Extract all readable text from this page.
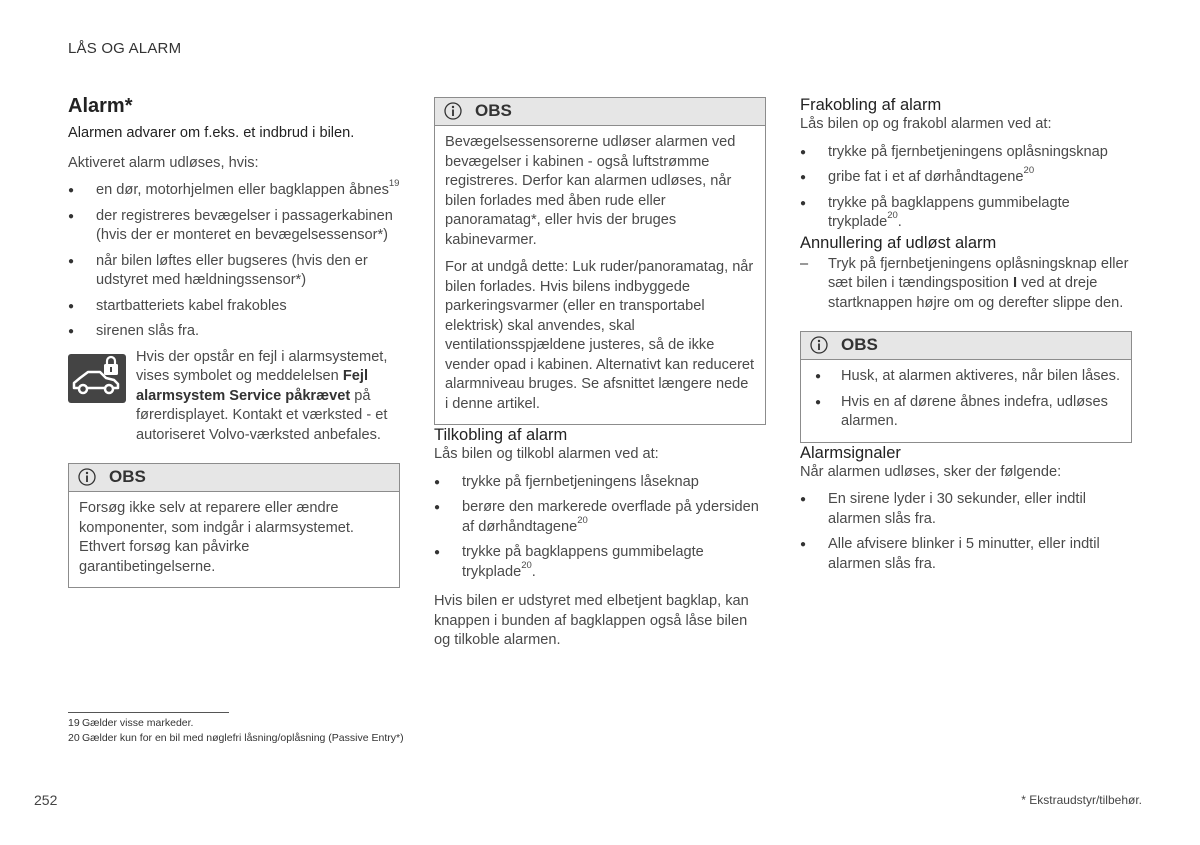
LÅS OG ALARM
Alarm*

Alarmen advarer om f.eks. et indbrud i bilen.

Aktiveret alarm udløses, hvis:

● en dør, motorhjelmen eller bagklappen åbnes$^{19}$
● der registreres bevægelser i passagerkabinen (hvis der er monteret en bevægelsessensor*)
● når bilen løftes eller bugseres (hvis den er udstyret med hældningssensor*)
● startbatteriets kabel frakobles
● sirenen slås fra.
Hvis der opstår en fejl i alarmsystemet, vises symbolet og meddelelsen Fejl alarmsystem Service påkrævet på førerdisplayet. Kontakt et værksted - et autoriseret Volvo-værksted anbefales.
OBS

Forsøg ikke selv at reparere eller ændre komponenter, som indgår i alarmsystemet. Ethvert forsøg kan påvirke garantibetingelserne.

OBS

Bevægelsessensorerne udløser alarmen ved bevægelser i kabinen - også luftstrømme registreres. Derfor kan alarmen udløses, når bilen forlades med åben rude eller panoramatag*, eller hvis der bruges kabinevarmer.

For at undgå dette: Luk ruder/panoramatag, når bilen forlades. Hvis bilens indbyggede parkeringsvarmer (eller en transportabel elektrisk) skal anvendes, skal ventilationsspjældene justeres, så de ikke vender opad i kabinen. Alternativt kan reduceret alarmniveau bruges. Se afsnittet længere nede i denne artikel.

Tilkobling af alarm

Lås bilen og tilkobl alarmen ved at:

● trykke på fjernbetjeningens låseknap
● berøre den markerede overflade på ydersiden af dørhåndtagene$^{20}$
● trykke på bagklappens gummibelagte trykplade$^{20}$.

Hvis bilen er udstyret med elbetjent bagklap, kan knappen i bunden af bagklappen også låse bilen og tilkoble alarmen.

Frakobling af alarm

Lås bilen op og frakobl alarmen ved at:

● trykke på fjernbetjeningens oplåsningsknap
● gribe fat i et af dørhåndtagene$^{20}$
● trykke på bagklappens gummibelagte trykplade$^{20}$.
Annullering af udløst alarm
– Tryk på fjernbetjeningens oplåsningsknap eller sæt bilen i tændingsposition I ved at dreje startknappen højre om og derefter slippe den.
OBS
● Husk, at alarmen aktiveres, når bilen låses.
● Hvis en af dørene åbnes indefra, udløses alarmen.
Alarmsignaler

Når alarmen udløses, sker der følgende:

● En sirene lyder i 30 sekunder, eller indtil alarmen slås fra.
● Alle afvisere blinker i 5 minutter, eller indtil alarmen slås fra.
19 Gælder visse markeder.
20 Gælder kun for en bil med nøglefri låsning/oplåsning (Passive Entry*)
252	* Ekstraudstyr/tilbehør.
